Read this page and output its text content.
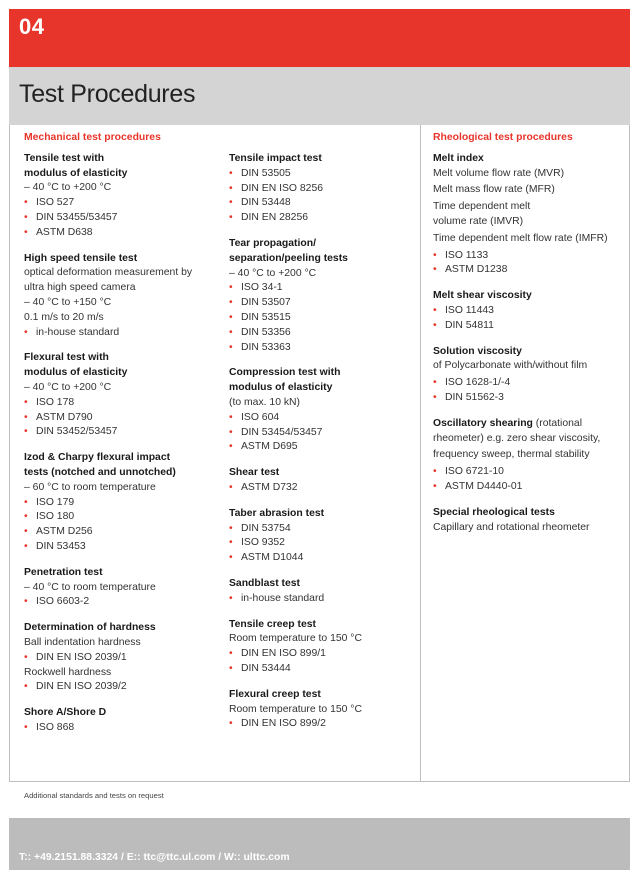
04
Test Procedures
Mechanical test procedures
Tensile test with
modulus of elasticity
– 40 °C to +200 °C
• ISO 527
• DIN 53455/53457
• ASTM D638
High speed tensile test
optical deformation measurement by
ultra high speed camera
– 40 °C to +150 °C
0.1 m/s to 20 m/s
• in-house standard
Flexural test with
modulus of elasticity
– 40 °C to +200 °C
• ISO 178
• ASTM D790
• DIN 53452/53457
Izod & Charpy flexural impact
tests (notched and unnotched)
– 60 °C to room temperature
• ISO 179
• ISO 180
• ASTM D256
• DIN 53453
Penetration test
– 40 °C to room temperature
• ISO 6603-2
Determination of hardness
Ball indentation hardness
• DIN EN ISO 2039/1
Rockwell hardness
• DIN EN ISO 2039/2
Shore A/Shore D
• ISO 868
Tensile impact test
• DIN 53505
• DIN EN ISO 8256
• DIN 53448
• DIN EN 28256
Tear propagation/
separation/peeling tests
– 40 °C to +200 °C
• ISO 34-1
• DIN 53507
• DIN 53515
• DIN 53356
• DIN 53363
Compression test with
modulus of elasticity
(to max. 10 kN)
• ISO 604
• DIN 53454/53457
• ASTM D695
Shear test
• ASTM D732
Taber abrasion test
• DIN 53754
• ISO 9352
• ASTM D1044
Sandblast test
• in-house standard
Tensile creep test
Room temperature to 150 °C
• DIN EN ISO 899/1
• DIN 53444
Flexural creep test
Room temperature to 150 °C
• DIN EN ISO 899/2
Rheological test procedures
Melt index
Melt volume flow rate (MVR)
Melt mass flow rate (MFR)
Time dependent melt
volume rate (IMVR)
Time dependent melt flow rate (IMFR)
• ISO 1133
• ASTM D1238
Melt shear viscosity
• ISO 11443
• DIN 54811
Solution viscosity
of Polycarbonate with/without film
• ISO 1628-1/-4
• DIN 51562-3
Oscillatory shearing (rotational
rheometer) e.g. zero shear viscosity,
frequency sweep, thermal stability
• ISO 6721-10
• ASTM D4440-01
Special rheological tests
Capillary and rotational rheometer
Additional standards and tests on request
T:: +49.2151.88.3324 / E:: ttc@ttc.ul.com / W:: ulttc.com
